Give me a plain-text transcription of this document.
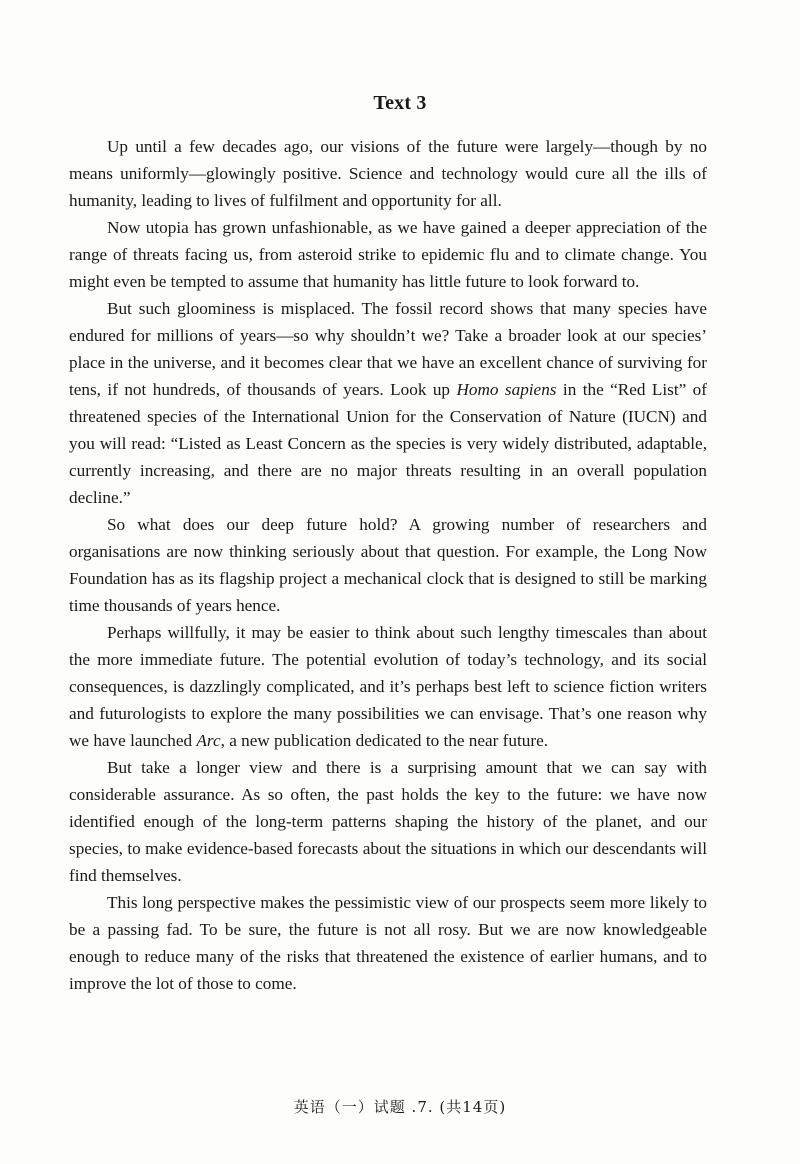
Text 3

Up until a few decades ago, our visions of the future were largely—though by no means uniformly—glowingly positive. Science and technology would cure all the ills of humanity, leading to lives of fulfilment and opportunity for all.

Now utopia has grown unfashionable, as we have gained a deeper appreciation of the range of threats facing us, from asteroid strike to epidemic flu and to climate change. You might even be tempted to assume that humanity has little future to look forward to.

But such gloominess is misplaced. The fossil record shows that many species have endured for millions of years—so why shouldn’t we? Take a broader look at our species’ place in the universe, and it becomes clear that we have an excellent chance of surviving for tens, if not hundreds, of thousands of years. Look up Homo sapiens in the “Red List” of threatened species of the International Union for the Conservation of Nature (IUCN) and you will read: “Listed as Least Concern as the species is very widely distributed, adaptable, currently increasing, and there are no major threats resulting in an overall population decline.”

So what does our deep future hold? A growing number of researchers and organisations are now thinking seriously about that question. For example, the Long Now Foundation has as its flagship project a mechanical clock that is designed to still be marking time thousands of years hence.

Perhaps willfully, it may be easier to think about such lengthy timescales than about the more immediate future. The potential evolution of today’s technology, and its social consequences, is dazzlingly complicated, and it’s perhaps best left to science fiction writers and futurologists to explore the many possibilities we can envisage. That’s one reason why we have launched Arc, a new publication dedicated to the near future.

But take a longer view and there is a surprising amount that we can say with considerable assurance. As so often, the past holds the key to the future: we have now identified enough of the long-term patterns shaping the history of the planet, and our species, to make evidence-based forecasts about the situations in which our descendants will find themselves.

This long perspective makes the pessimistic view of our prospects seem more likely to be a passing fad. To be sure, the future is not all rosy. But we are now knowledgeable enough to reduce many of the risks that threatened the existence of earlier humans, and to improve the lot of those to come.

英语（一）试题 .7. (共14页)
